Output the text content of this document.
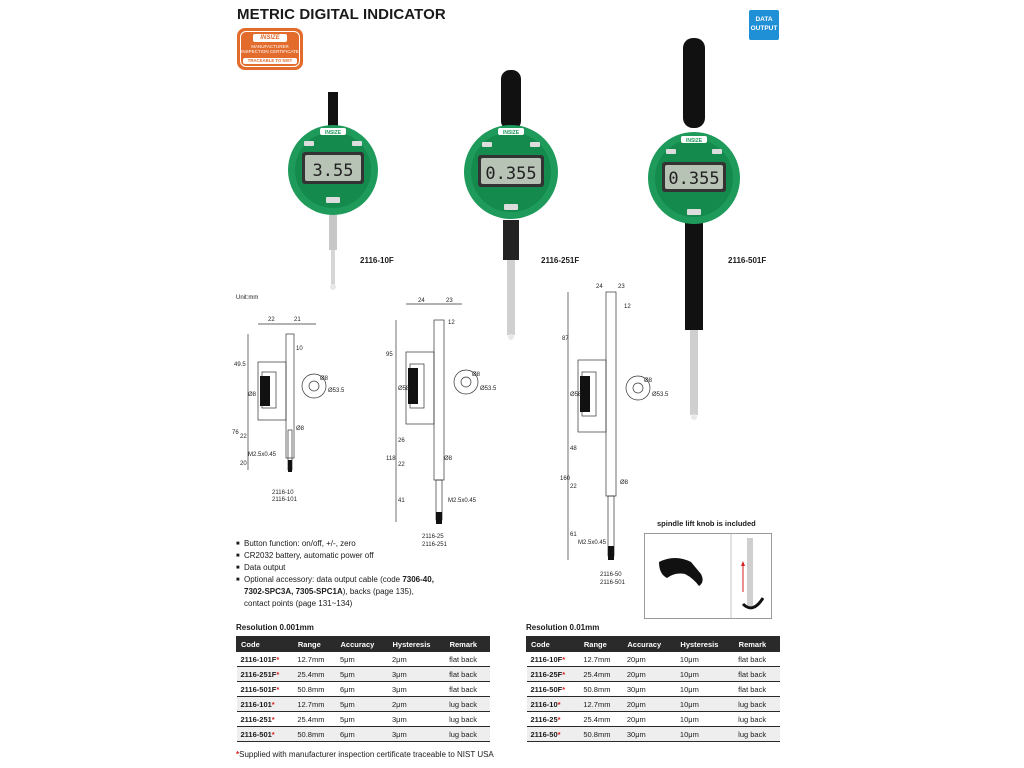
METRIC DIGITAL INDICATOR	DATA
OUTPUT
INSIZE
MANUFACTURER
INSPECTION CERTIFICATE
TRACEABLE TO NIST
INSIZE
3.55
INSIZE
0.355
INSIZE
0.355
2116-10F	2116-251F	2116-501F
Unit:mm
22	21
10
49.5
Ø8
Ø8
Ø53.5
Ø8
22
76
20
M2.5x0.45
2116-10
2116-101
24	23
12
95
Ø58
Ø8
Ø53.5
26
118
22
Ø8
41	M2.5x0.45
2116-25
2116-251
24	23
12
87
Ø58
Ø8
Ø53.5
48
160
22
Ø8
61
M2.5x0.45
2116-50
2116-501
■ Button function: on/off, +/-, zero
■ CR2032 battery, automatic power off
■ Data output
■ Optional accessory: data output cable (code 7306-40,
7302-SPC3A, 7305-SPC1A), backs (page 135),
contact points (page 131~134)
spindle lift knob is included
Resolution 0.001mm
Code	Range	Accuracy	Hysteresis	Remark
2116-101F*	12.7mm	5μm	2μm	flat back
2116-251F*	25.4mm	5μm	3μm	flat back
2116-501F*	50.8mm	6μm	3μm	flat back
2116-101*	12.7mm	5μm	2μm	lug back
2116-251*	25.4mm	5μm	3μm	lug back
2116-501*	50.8mm	6μm	3μm	lug back
Resolution 0.01mm
Code	Range	Accuracy	Hysteresis	Remark
2116-10F*	12.7mm	20μm	10μm	flat back
2116-25F*	25.4mm	20μm	10μm	flat back
2116-50F*	50.8mm	30μm	10μm	flat back
2116-10*	12.7mm	20μm	10μm	lug back
2116-25*	25.4mm	20μm	10μm	lug back
2116-50*	50.8mm	30μm	10μm	lug back
*Supplied with manufacturer inspection certificate traceable to NIST USA
